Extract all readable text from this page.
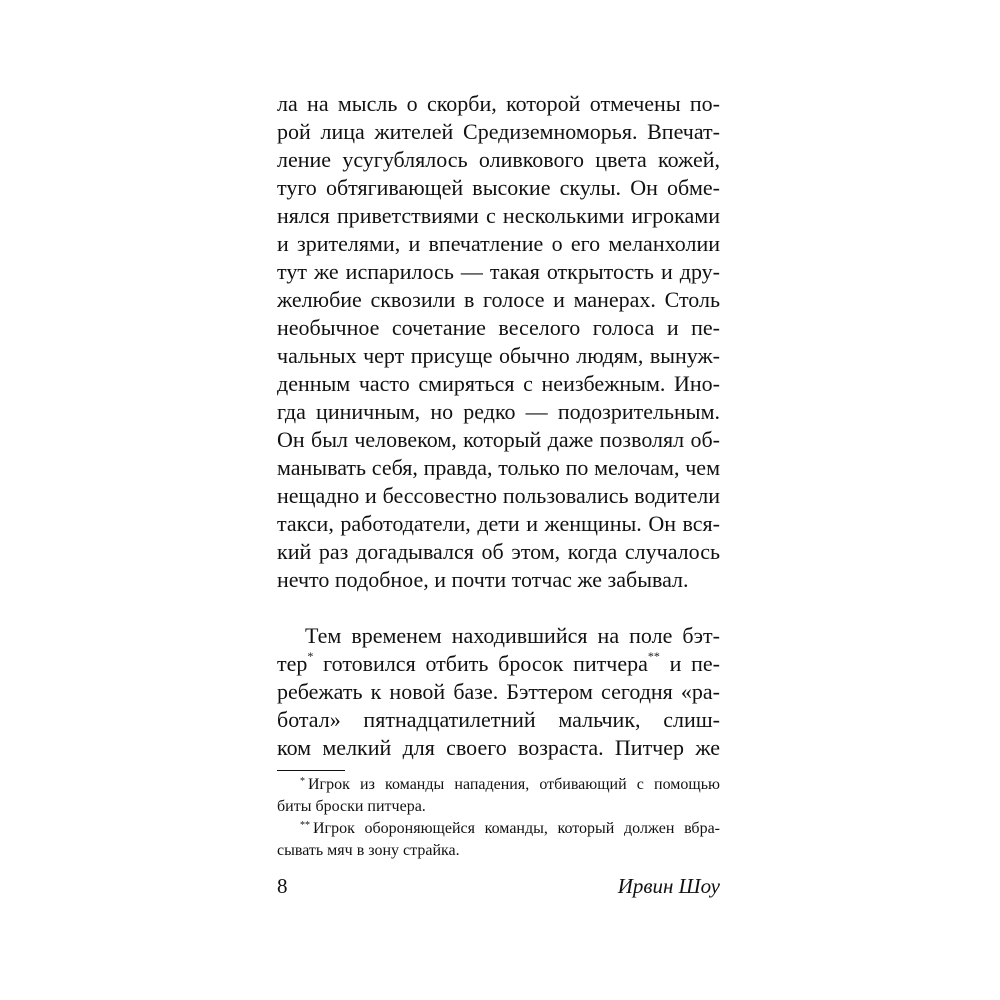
ла на мысль о скорби, которой отмечены по-
рой лица жителей Средиземноморья. Впечат-
ление усугублялось оливкового цвета кожей,
туго обтягивающей высокие скулы. Он обме-
нялся приветствиями с несколькими игроками
и зрителями, и впечатление о его меланхолии
тут же испарилось — такая открытость и дру-
желюбие сквозили в голосе и манерах. Столь
необычное сочетание веселого голоса и пе-
чальных черт присуще обычно людям, вынуж-
денным часто смиряться с неизбежным. Ино-
гда циничным, но редко — подозрительным.
Он был человеком, который даже позволял об-
манывать себя, правда, только по мелочам, чем
нещадно и бессовестно пользовались водители
такси, работодатели, дети и женщины. Он вся-
кий раз догадывался об этом, когда случалось
нечто подобное, и почти тотчас же забывал.
Тем временем находившийся на поле бэт-
тер* готовился отбить бросок питчера** и пе-
ребежать к новой базе. Бэттером сегодня «ра-
ботал» пятнадцатилетний мальчик, слиш-
ком мелкий для своего возраста. Питчер же
* Игрок из команды нападения, отбивающий с помощью
биты броски питчера.
** Игрок обороняющейся команды, который должен вбра-
сывать мяч в зону страйка.
8	Ирвин Шоу
